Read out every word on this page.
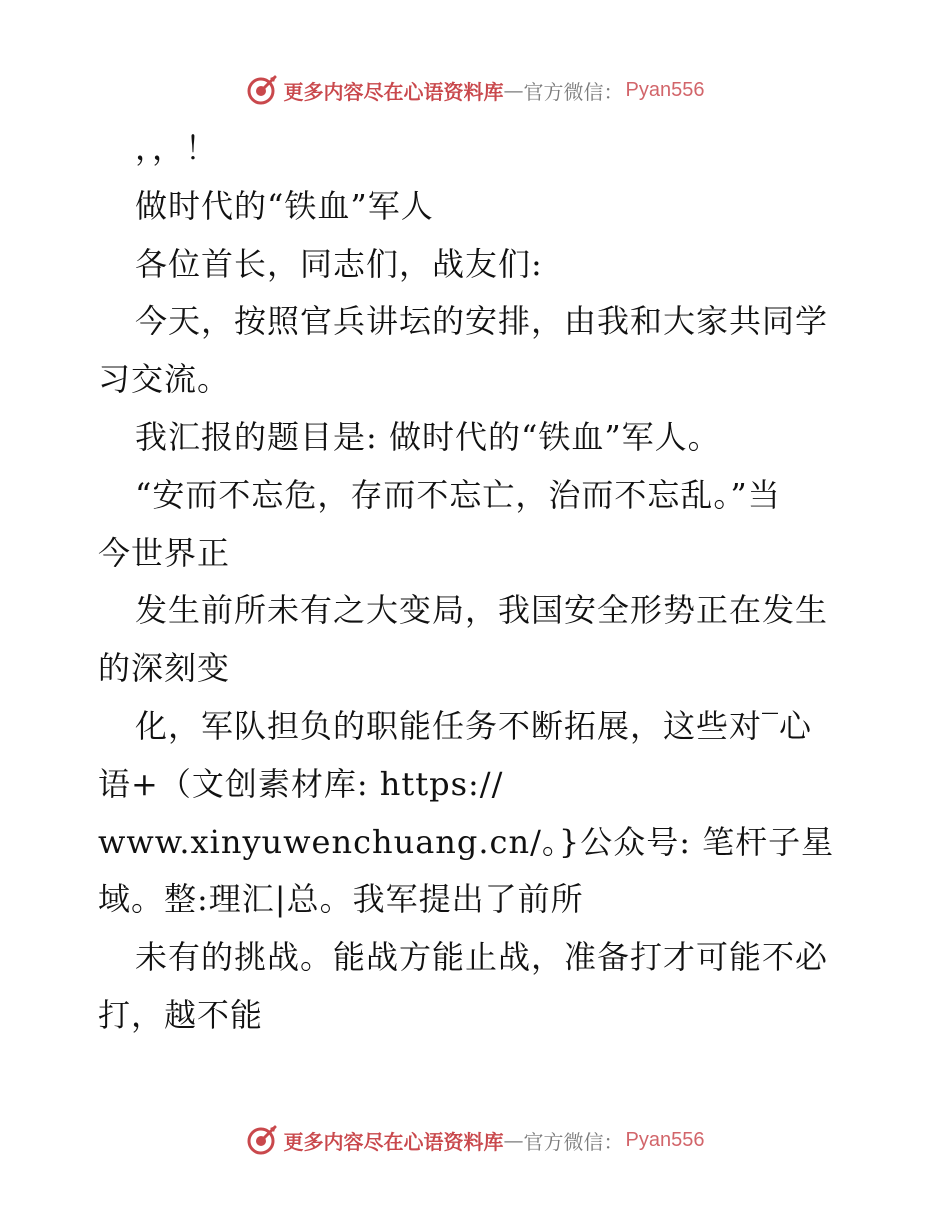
更多内容尽在心语资料库 — 官方微信： Pyan556
，，！
做时代的“铁血”军人
各位首长，同志们，战友们:
今天，按照官兵讲坛的安排，由我和大家共同学
习交流。
我汇报的题目是: 做时代的“铁血”军人。
“安而不忘危，存而不忘亡，治而不忘乱。”当
今世界正
发生前所未有之大变局，我国安全形势正在发生
的深刻变
化，军队担负的职能任务不断拓展，这些对‾心
语+（文创素材库: https://
www.xinyuwenchuang.cn/。}公众号: 笔杆子星
域。整:理汇|总。我军提出了前所
未有的挑战。能战方能止战，准备打才可能不必
打，越不能
更多内容尽在心语资料库 — 官方微信： Pyan556
